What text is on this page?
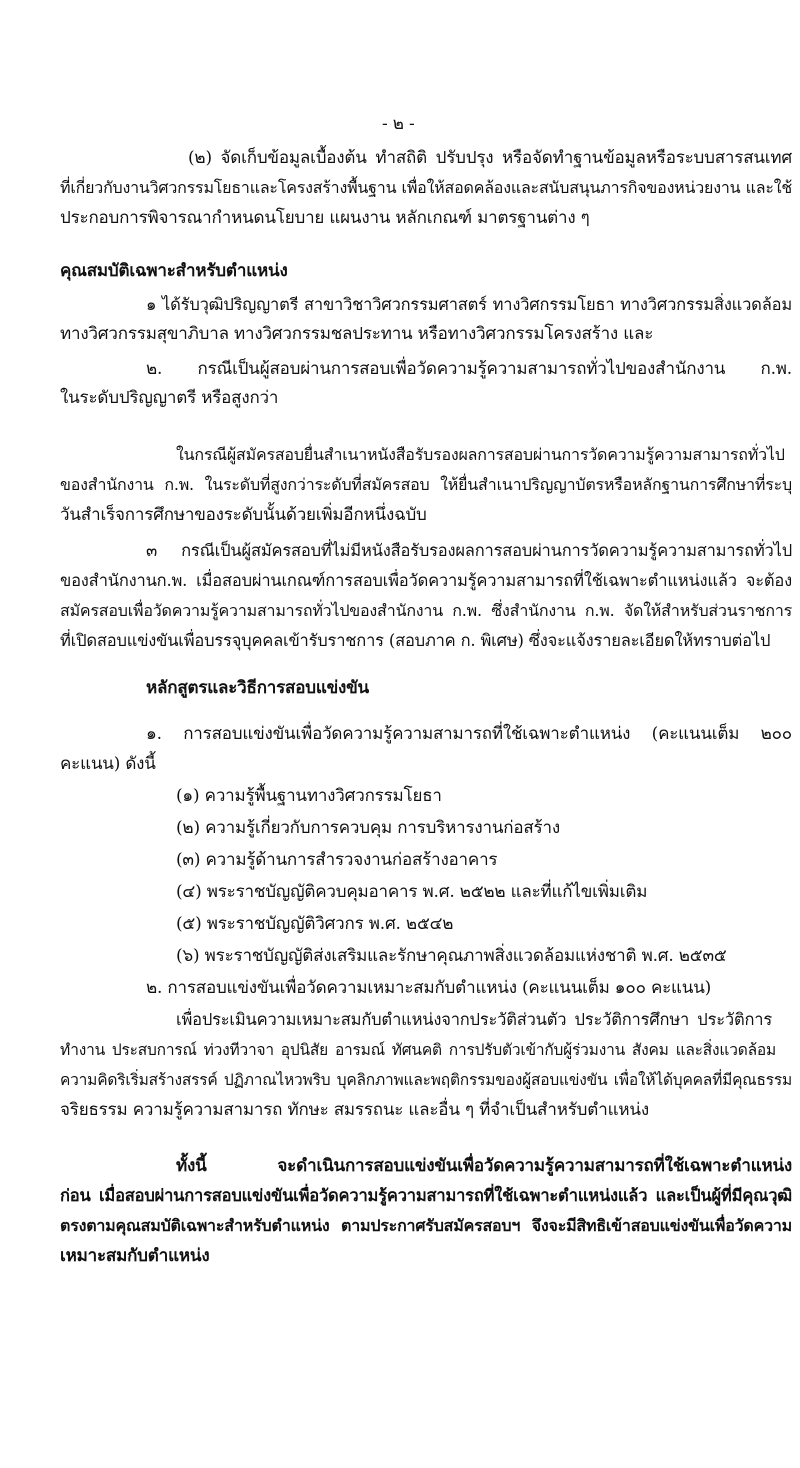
- ๒ -
(๒) จัดเก็บข้อมูลเบื้องต้น ทำสถิติ ปรับปรุง หรือจัดทำฐานข้อมูลหรือระบบสารสนเทศ
ที่เกี่ยวกับงานวิศวกรรมโยธาและโครงสร้างพื้นฐาน เพื่อให้สอดคล้องและสนับสนุนภารกิจของหน่วยงาน และใช้
ประกอบการพิจารณากำหนดนโยบาย แผนงาน หลักเกณฑ์ มาตรฐานต่าง ๆ
คุณสมบัติเฉพาะสำหรับตำแหน่ง
๑ ได้รับวุฒิปริญญาตรี สาขาวิชาวิศวกรรมศาสตร์ ทางวิศกรรมโยธา ทางวิศวกรรมสิ่งแวดล้อม
ทางวิศวกรรมสุขาภิบาล ทางวิศวกรรมชลประทาน หรือทางวิศวกรรมโครงสร้าง และ
๒. กรณีเป็นผู้สอบผ่านการสอบเพื่อวัดความรู้ความสามารถทั่วไปของสำนักงาน ก.พ.
ในระดับปริญญาตรี หรือสูงกว่า
ในกรณีผู้สมัครสอบยื่นสำเนาหนังสือรับรองผลการสอบผ่านการวัดความรู้ความสามารถทั่วไป
ของสำนักงาน ก.พ. ในระดับที่สูงกว่าระดับที่สมัครสอบ ให้ยื่นสำเนาปริญญาบัตรหรือหลักฐานการศึกษาที่ระบุ
วันสำเร็จการศึกษาของระดับนั้นด้วยเพิ่มอีกหนึ่งฉบับ
๓ กรณีเป็นผู้สมัครสอบที่ไม่มีหนังสือรับรองผลการสอบผ่านการวัดความรู้ความสามารถทั่วไป
ของสำนักงานก.พ. เมื่อสอบผ่านเกณฑ์การสอบเพื่อวัดความรู้ความสามารถที่ใช้เฉพาะตำแหน่งแล้ว จะต้อง
สมัครสอบเพื่อวัดความรู้ความสามารถทั่วไปของสำนักงาน ก.พ. ซึ่งสำนักงาน ก.พ. จัดให้สำหรับส่วนราชการ
ที่เปิดสอบแข่งขันเพื่อบรรจุบุคคลเข้ารับราชการ (สอบภาค ก. พิเศษ) ซึ่งจะแจ้งรายละเอียดให้ทราบต่อไป
หลักสูตรและวิธีการสอบแข่งขัน
๑. การสอบแข่งขันเพื่อวัดความรู้ความสามารถที่ใช้เฉพาะตำแหน่ง (คะแนนเต็ม ๒๐๐
คะแนน) ดังนี้
(๑) ความรู้พื้นฐานทางวิศวกรรมโยธา
(๒) ความรู้เกี่ยวกับการควบคุม การบริหารงานก่อสร้าง
(๓) ความรู้ด้านการสำรวจงานก่อสร้างอาคาร
(๔) พระราชบัญญัติควบคุมอาคาร พ.ศ. ๒๕๒๒ และที่แก้ไขเพิ่มเติม
(๕) พระราชบัญญัติวิศวกร พ.ศ. ๒๕๔๒
(๖) พระราชบัญญัติส่งเสริมและรักษาคุณภาพสิ่งแวดล้อมแห่งชาติ พ.ศ. ๒๕๓๕
๒. การสอบแข่งขันเพื่อวัดความเหมาะสมกับตำแหน่ง (คะแนนเต็ม ๑๐๐ คะแนน)
เพื่อประเมินความเหมาะสมกับตำแหน่งจากประวัติส่วนตัว ประวัติการศึกษา ประวัติการ
ทำงาน ประสบการณ์ ท่วงทีวาจา อุปนิสัย อารมณ์ ทัศนคติ การปรับตัวเข้ากับผู้ร่วมงาน สังคม และสิ่งแวดล้อม
ความคิดริเริ่มสร้างสรรค์ ปฏิภาณไหวพริบ บุคลิกภาพและพฤติกรรมของผู้สอบแข่งขัน เพื่อให้ได้บุคคลที่มีคุณธรรม
จริยธรรม ความรู้ความสามารถ ทักษะ สมรรถนะ และอื่น ๆ ที่จำเป็นสำหรับตำแหน่ง
ทั้งนี้ จะดำเนินการสอบแข่งขันเพื่อวัดความรู้ความสามารถที่ใช้เฉพาะตำแหน่ง
ก่อน เมื่อสอบผ่านการสอบแข่งขันเพื่อวัดความรู้ความสามารถที่ใช้เฉพาะตำแหน่งแล้ว และเป็นผู้ที่มีคุณวุฒิ
ตรงตามคุณสมบัติเฉพาะสำหรับตำแหน่ง ตามประกาศรับสมัครสอบฯ จึงจะมีสิทธิเข้าสอบแข่งขันเพื่อวัดความ
เหมาะสมกับตำแหน่ง
